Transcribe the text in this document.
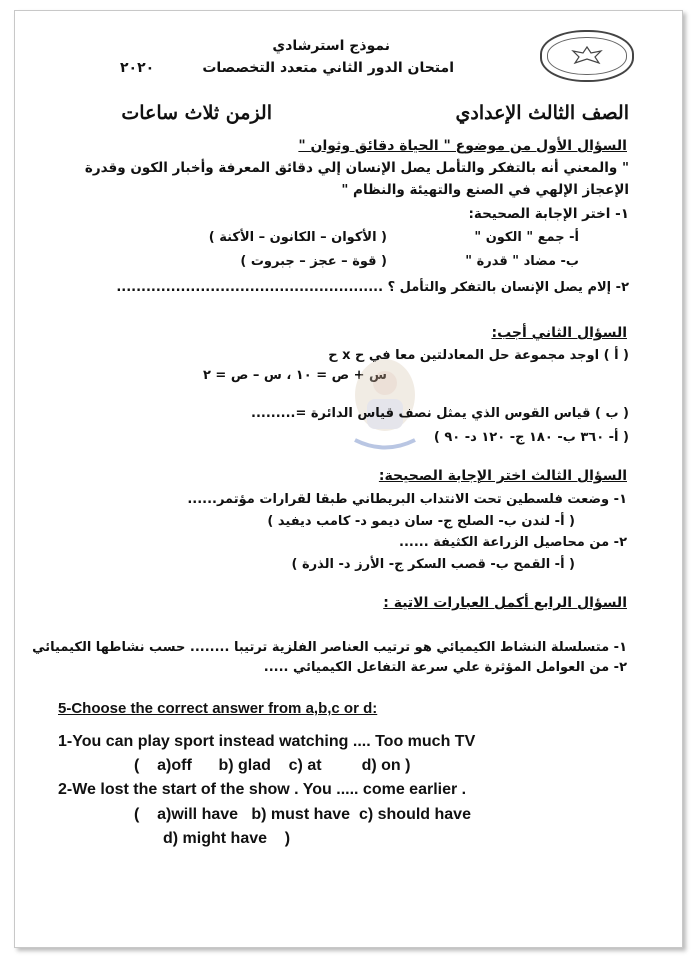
نموذج استرشادي
امتحان الدور الثاني متعدد التخصصات
٢٠٢٠
الصف الثالث الإعدادي
الزمن ثلاث ساعات
السؤال الأول من موضوع " الحياة دقائق وثوان "
" والمعني أنه بالتفكر والتأمل يصل الإنسان إلي دقائق المعرفة وأخبار الكون وقدرة
الإعجاز الإلهي في الصنع والتهيئة والنظام "
١- اختر الإجابة الصحيحة:
أ- جمع " الكون "
( الأكوان – الكانون – الأكنة )
ب- مضاد " قدرة "
( قوة – عجز – جبروت )
٢- إلام يصل الإنسان بالتفكر والتأمل ؟ ......................................................
السؤال الثاني أجب:
( أ ) اوجد مجموعة حل المعادلتين معا في ح x ح
س + ص = ١٠ ، س – ص = ٢
( ب ) قياس القوس الذي يمثل نصف قياس الدائرة =.........
( أ- ٣٦٠ ب- ١٨٠ ج- ١٢٠ د- ٩٠ )
السؤال الثالث اختر الإجابة الصحيحة:
١- وضعت فلسطين تحت الانتداب البريطاني طبقا لقرارات مؤتمر......
( أ- لندن ب- الصلح ج- سان ديمو د- كامب ديفيد )
٢- من محاصيل الزراعة الكثيفة ......
( أ- القمح ب- قصب السكر ج- الأرز د- الذرة )
السؤال الرابع أكمل العبارات الاتية :
١- متسلسلة النشاط الكيميائي هو ترتيب العناصر الفلزية ترتيبا ........ حسب نشاطها الكيميائي
٢- من العوامل المؤثرة علي سرعة التفاعل الكيميائي .....
5-Choose the correct answer from a,b,c or d:
1-You can play sport instead watching .... Too much TV
(    a)off      b) glad    c) at         d) on )
2-We lost the start of the show . You ..... come earlier .
(    a)will have   b) must have  c) should have
d) might have    )
